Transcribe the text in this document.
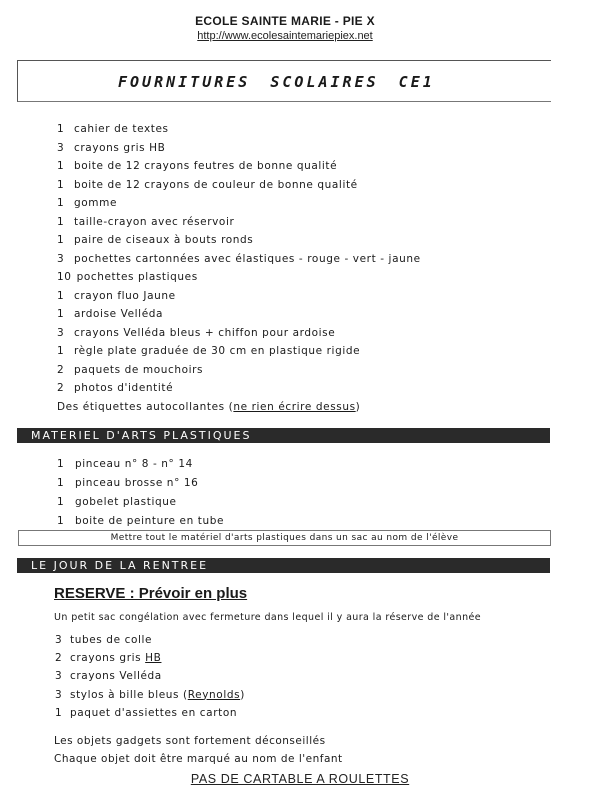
ECOLE SAINTE MARIE - PIE X
http://www.ecolesaintemariepiex.net
FOURNITURES SCOLAIRES CE1
1 cahier de textes
3 crayons gris HB
1 boite de 12 crayons feutres de bonne qualité
1 boite de 12 crayons de couleur de bonne qualité
1 gomme
1 taille-crayon avec réservoir
1 paire de ciseaux à bouts ronds
3 pochettes cartonnées avec élastiques - rouge - vert - jaune
10 pochettes plastiques
1 crayon fluo Jaune
1 ardoise Velléda
3 crayons Velléda bleus + chiffon pour ardoise
1 règle plate graduée de 30 cm en plastique rigide
2 paquets de mouchoirs
2 photos d'identité
Des étiquettes autocollantes (ne rien écrire dessus)
MATERIEL D'ARTS PLASTIQUES
1 pinceau n° 8 - n° 14
1 pinceau brosse n° 16
1 gobelet plastique
1 boite de peinture en tube
Mettre tout le matériel d'arts plastiques dans un sac au nom de l'élève
LE JOUR DE LA RENTREE
RESERVE : Prévoir en plus
Un petit sac congélation avec fermeture dans lequel il y aura la réserve de l'année
3 tubes de colle
2 crayons gris HB
3 crayons Velléda
3 stylos à bille bleus (Reynolds)
1 paquet d'assiettes en carton
Les objets gadgets sont fortement déconseillés
Chaque objet doit être marqué au nom de l'enfant
PAS DE CARTABLE A ROULETTES
